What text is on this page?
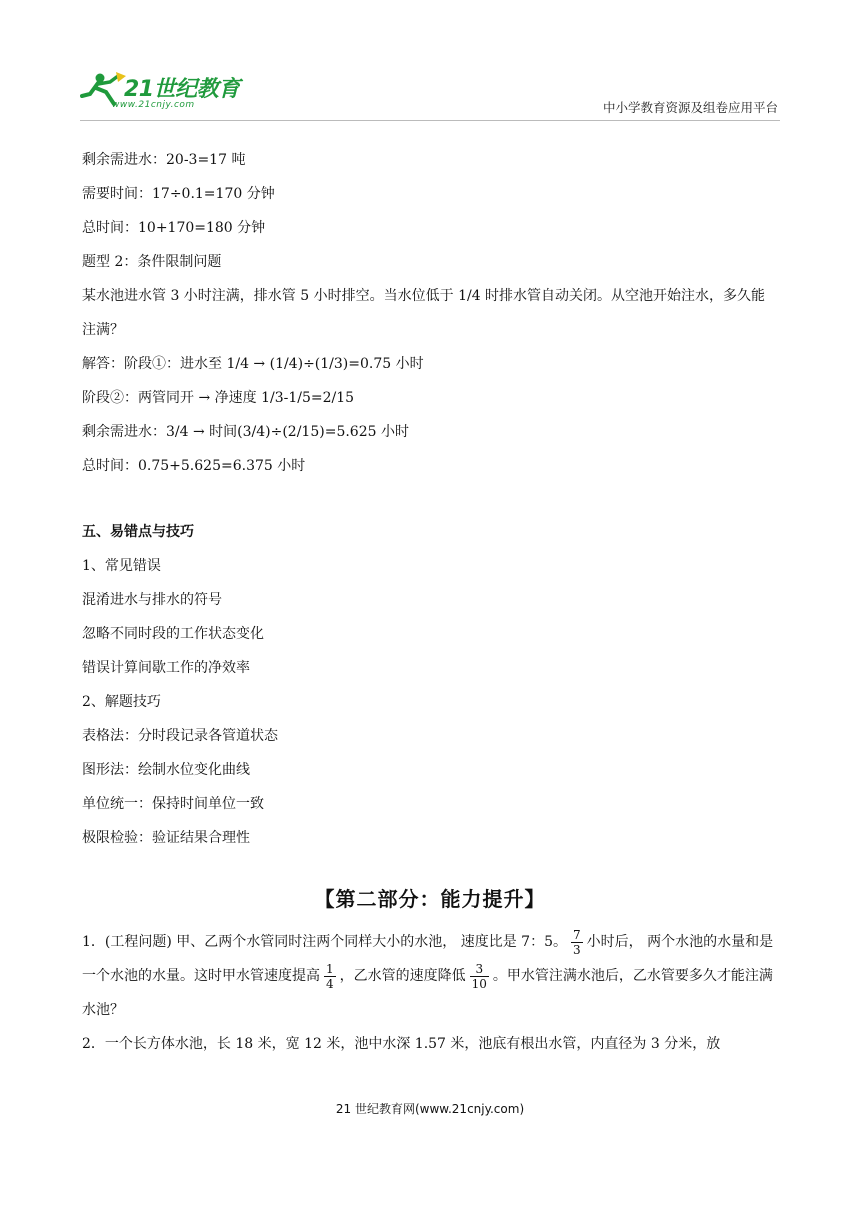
21世纪教育
www.21cnjy.com	中小学教育资源及组卷应用平台
剩余需进水：20-3=17 吨
需要时间：17÷0.1=170 分钟
总时间：10+170=180 分钟
题型 2：条件限制问题
某水池进水管 3 小时注满，排水管 5 小时排空。当水位低于 1/4 时排水管自动关闭。从空池开始注水，多久能注满？
解答：阶段①：进水至 1/4 → (1/4)÷(1/3)=0.75 小时
阶段②：两管同开 → 净速度 1/3-1/5=2/15
剩余需进水：3/4 → 时间(3/4)÷(2/15)=5.625 小时
总时间：0.75+5.625=6.375 小时
五、易错点与技巧
1、常见错误
混淆进水与排水的符号
忽略不同时段的工作状态变化
错误计算间歇工作的净效率
2、解题技巧
表格法：分时段记录各管道状态
图形法：绘制水位变化曲线
单位统一：保持时间单位一致
极限检验：验证结果合理性
【第二部分：能力提升】
1．(工程问题) 甲、乙两个水管同时注两个同样大小的水池， 速度比是 7：5。 $\frac{7}{3}$ 小时后， 两个水池的水量和是一个水池的水量。这时甲水管速度提高 $\frac{1}{4}$ ，乙水管的速度降低 $\frac{3}{10}$ 。甲水管注满水池后，乙水管要多久才能注满水池？
2．一个长方体水池，长 18 米，宽 12 米，池中水深 1.57 米，池底有根出水管，内直径为 3 分米，放
21 世纪教育网(www.21cnjy.com)
